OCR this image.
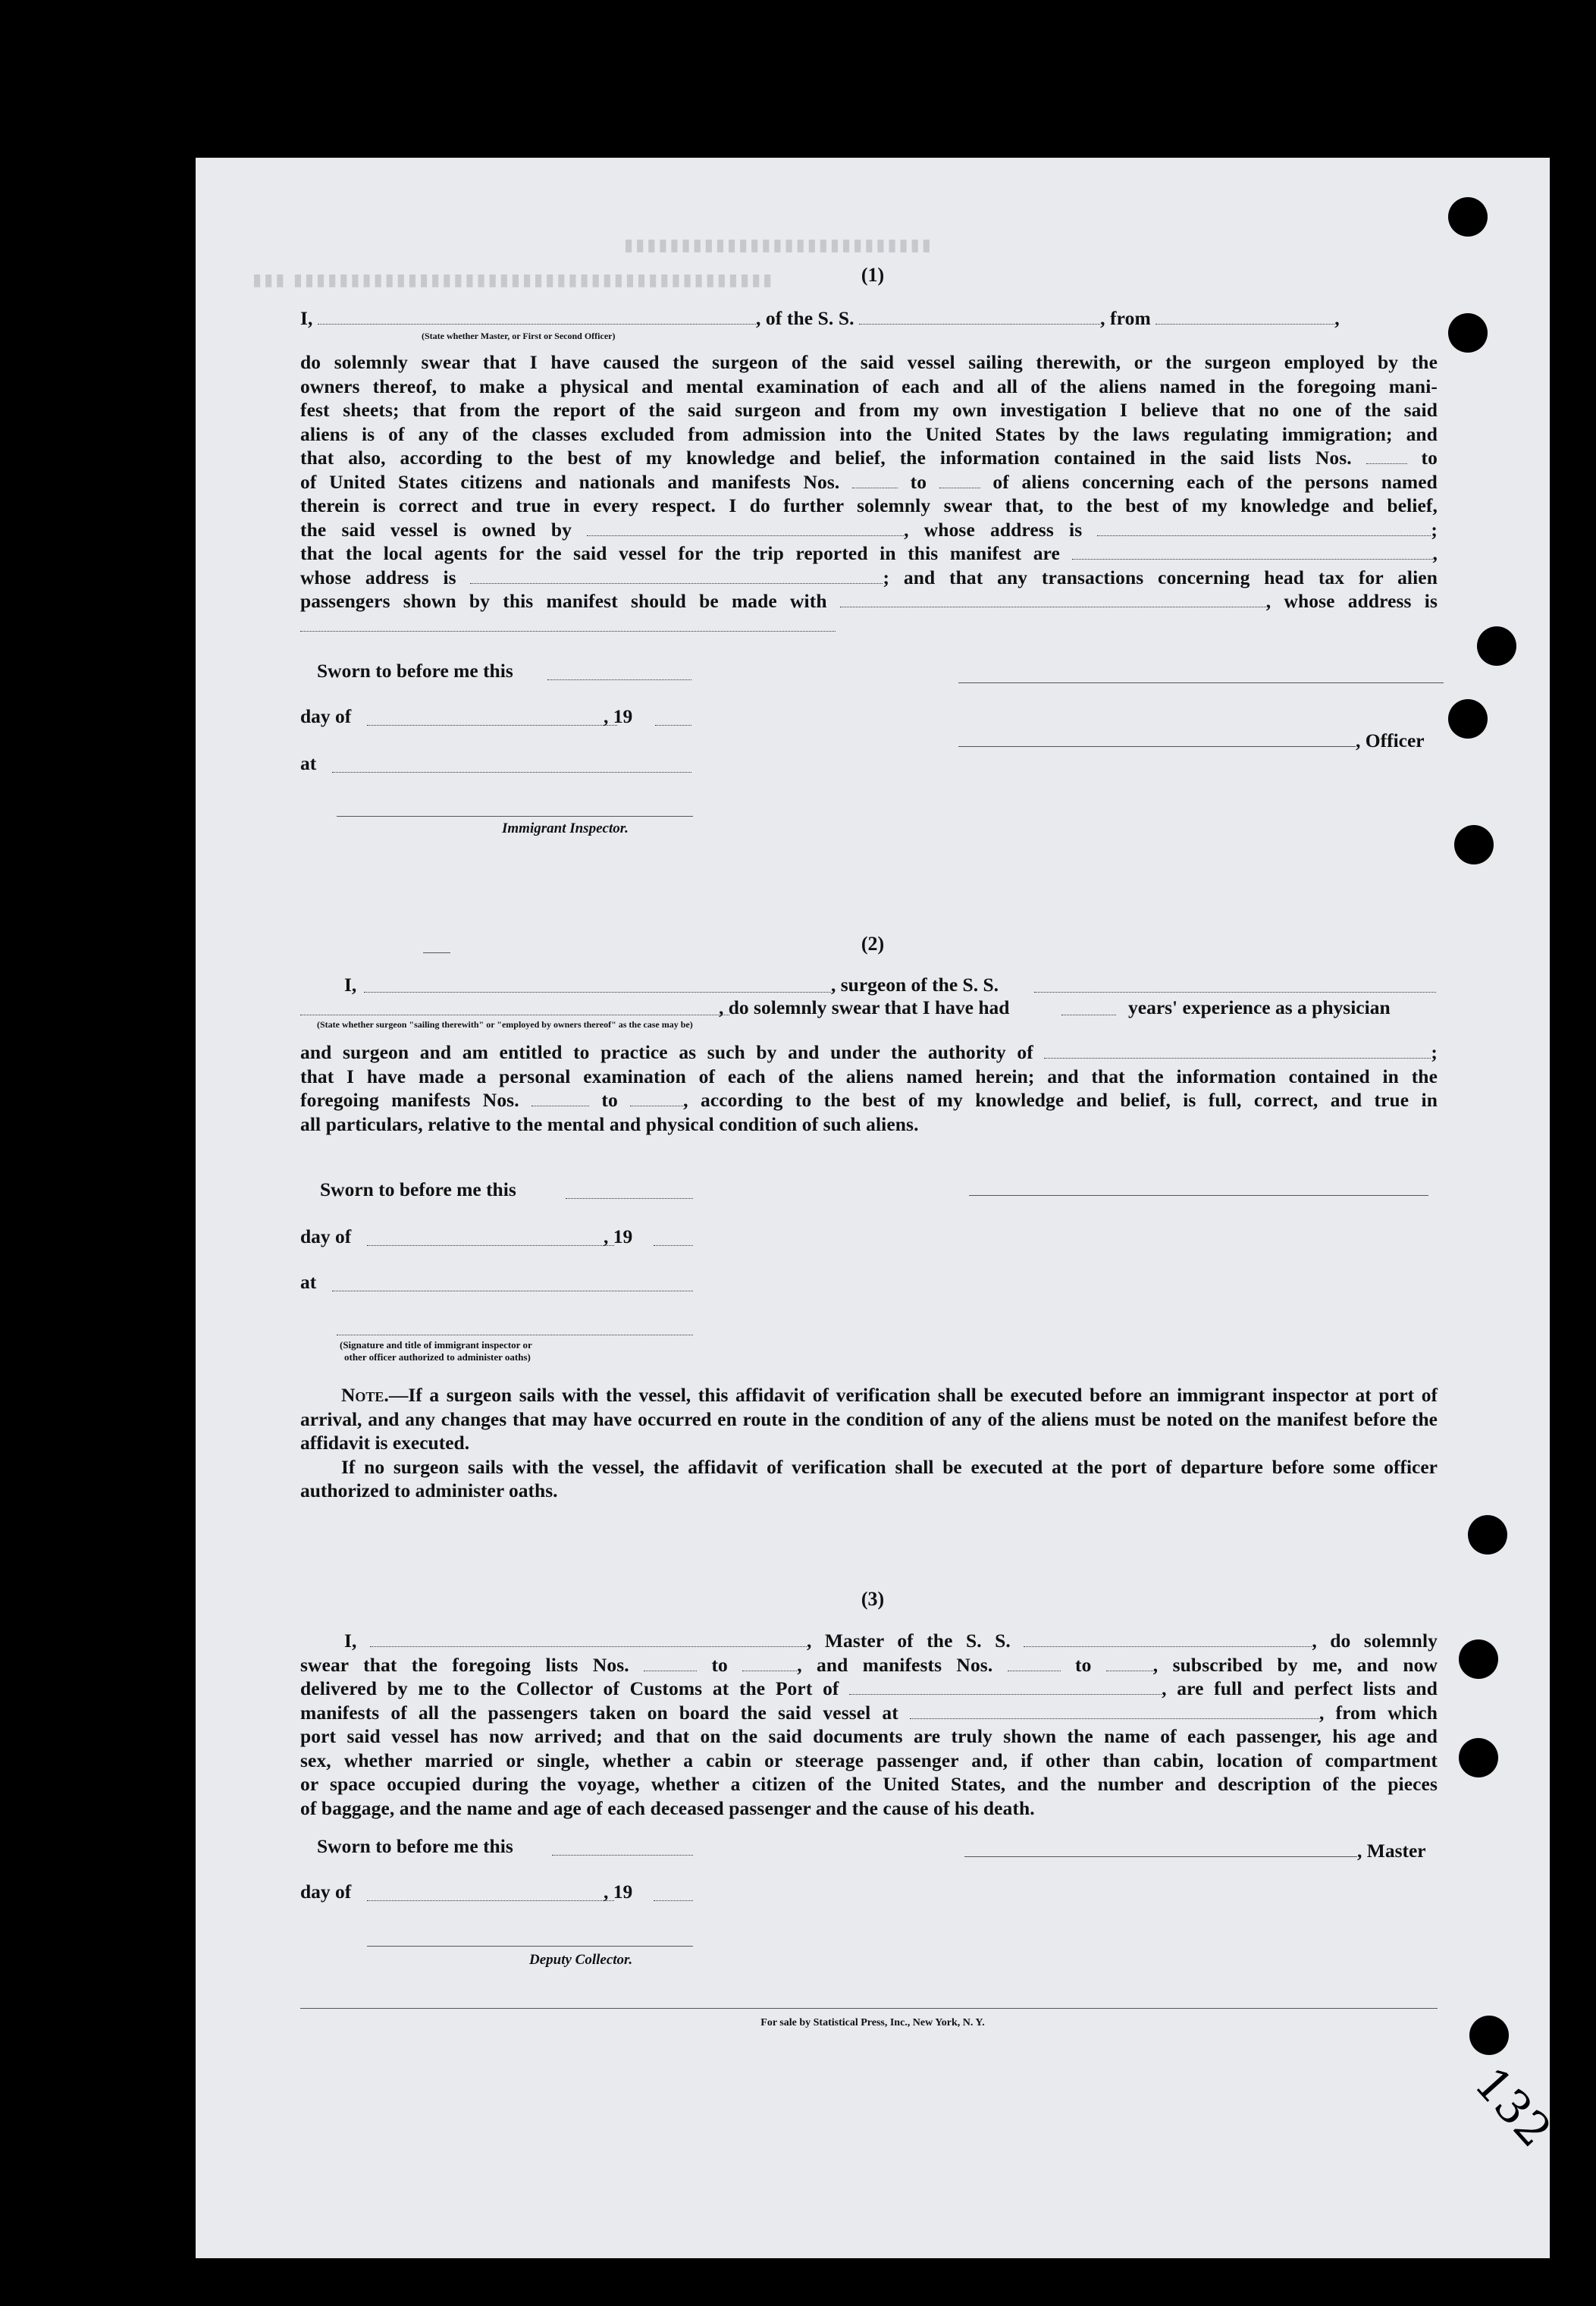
▮▮▮▮▮▮▮▮▮▮▮▮▮▮▮▮▮▮▮▮▮▮▮▮▮▮▮
▮▮▮ ▮▮▮▮▮▮▮▮▮▮▮▮▮▮▮▮▮▮▮▮▮▮▮▮▮▮▮▮▮▮▮▮▮▮▮▮▮▮▮▮▮▮	(1)
I,	, of the S. S.	, from	,
(State whether Master, or First or Second Officer)
do solemnly swear that I have caused the surgeon of the said vessel sailing therewith, or the surgeon employed by the
owners thereof, to make a physical and mental examination of each and all of the aliens named in the foregoing mani-
fest sheets; that from the report of the said surgeon and from my own investigation I believe that no one of the said
aliens is of any of the classes excluded from admission into the United States by the laws regulating immigration; and
that also, according to the best of my knowledge and belief, the information contained in the said lists Nos.	to
of United States citizens and nationals and manifests Nos.	to	of aliens concerning each of the persons named
therein is correct and true in every respect. I do further solemnly swear that, to the best of my knowledge and belief,
the said vessel is owned by	, whose address is	;
that the local agents for the said vessel for the trip reported in this manifest are	,
whose address is	; and that any transactions concerning head tax for alien
passengers shown by this manifest should be made with	, whose address is
Sworn to before me this
day of	, 19
, Officer
at
Immigrant Inspector.
(2)
I,	, surgeon of the S. S.
, do solemnly swear that I have had	years' experience as a physician
(State whether surgeon "sailing therewith" or "employed by owners thereof" as the case may be)
and surgeon and am entitled to practice as such by and under the authority of	;
that I have made a personal examination of each of the aliens named herein; and that the information contained in the
foregoing manifests Nos.	to	, according to the best of my knowledge and belief, is full, correct, and true in
all particulars, relative to the mental and physical condition of such aliens.
Sworn to before me this
day of	, 19
at
(Signature and title of immigrant inspector or
other officer authorized to administer oaths)

Note.—If a surgeon sails with the vessel, this affidavit of verification shall be executed before an immigrant inspector at port of arrival, and any changes that may have occurred en route in the condition of any of the aliens must be noted on the manifest before the affidavit is executed.

If no surgeon sails with the vessel, the affidavit of verification shall be executed at the port of departure before some officer authorized to administer oaths.

(3)
I,	, Master of the S. S.	, do solemnly
swear that the foregoing lists Nos.	to	, and manifests Nos.	to	, subscribed by me, and now
delivered by me to the Collector of Customs at the Port of	, are full and perfect lists and
manifests of all the passengers taken on board the said vessel at	, from which
port said vessel has now arrived; and that on the said documents are truly shown the name of each passenger, his age and
sex, whether married or single, whether a cabin or steerage passenger and, if other than cabin, location of compartment
or space occupied during the voyage, whether a citizen of the United States, and the number and description of the pieces
of baggage, and the name and age of each deceased passenger and the cause of his death.
Sworn to before me this	, Master
day of	, 19
Deputy Collector.
For sale by Statistical Press, Inc., New York, N. Y.
132
